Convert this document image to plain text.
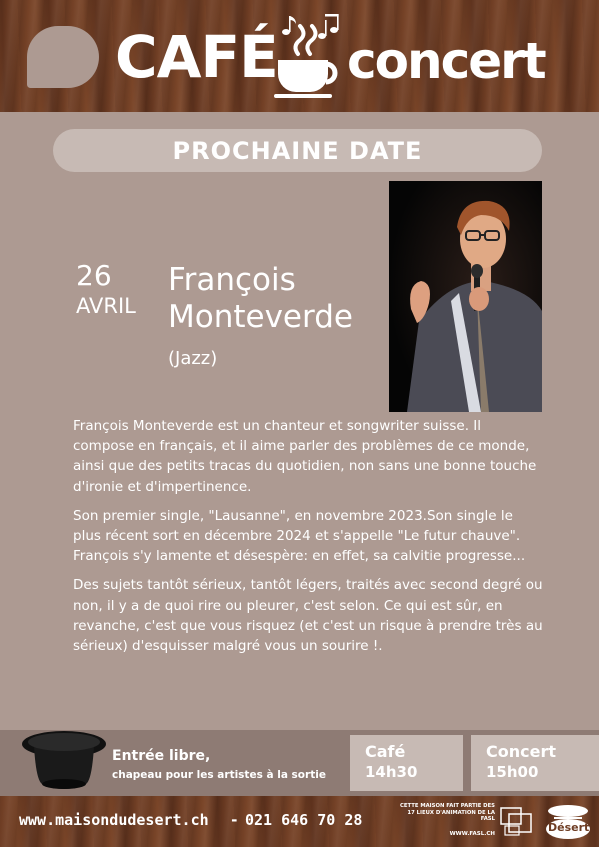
CAFÉ concert
PROCHAINE DATE
26
AVRIL
François
Monteverde
(Jazz)

François Monteverde est un chanteur et songwriter suisse. Il compose en français, et il aime parler des problèmes de ce monde, ainsi que des petits tracas du quotidien, non sans une bonne touche d'ironie et d'impertinence.

Son premier single, "Lausanne", en novembre 2023.Son single le plus récent sort en décembre 2024 et s'appelle "Le futur chauve". François s'y lamente et désespère: en effet, sa calvitie progresse...

Des sujets tantôt sérieux, tantôt légers, traités avec second degré ou non, il y a de quoi rire ou pleurer, c'est selon. Ce qui est sûr, en revanche, c'est que vous risquez (et c'est un risque à prendre très au sérieux) d'esquisser malgré vous un sourire !.

Entrée libre,
chapeau pour les artistes à la sortie
Café
14h30
Concert
15h00
www.maisondudesert.ch - 021 646 70 28
CETTE MAISON FAIT PARTIE DES 17 LIEUX D'ANIMATION DE LA FASL
WWW.FASL.CH	Désert
